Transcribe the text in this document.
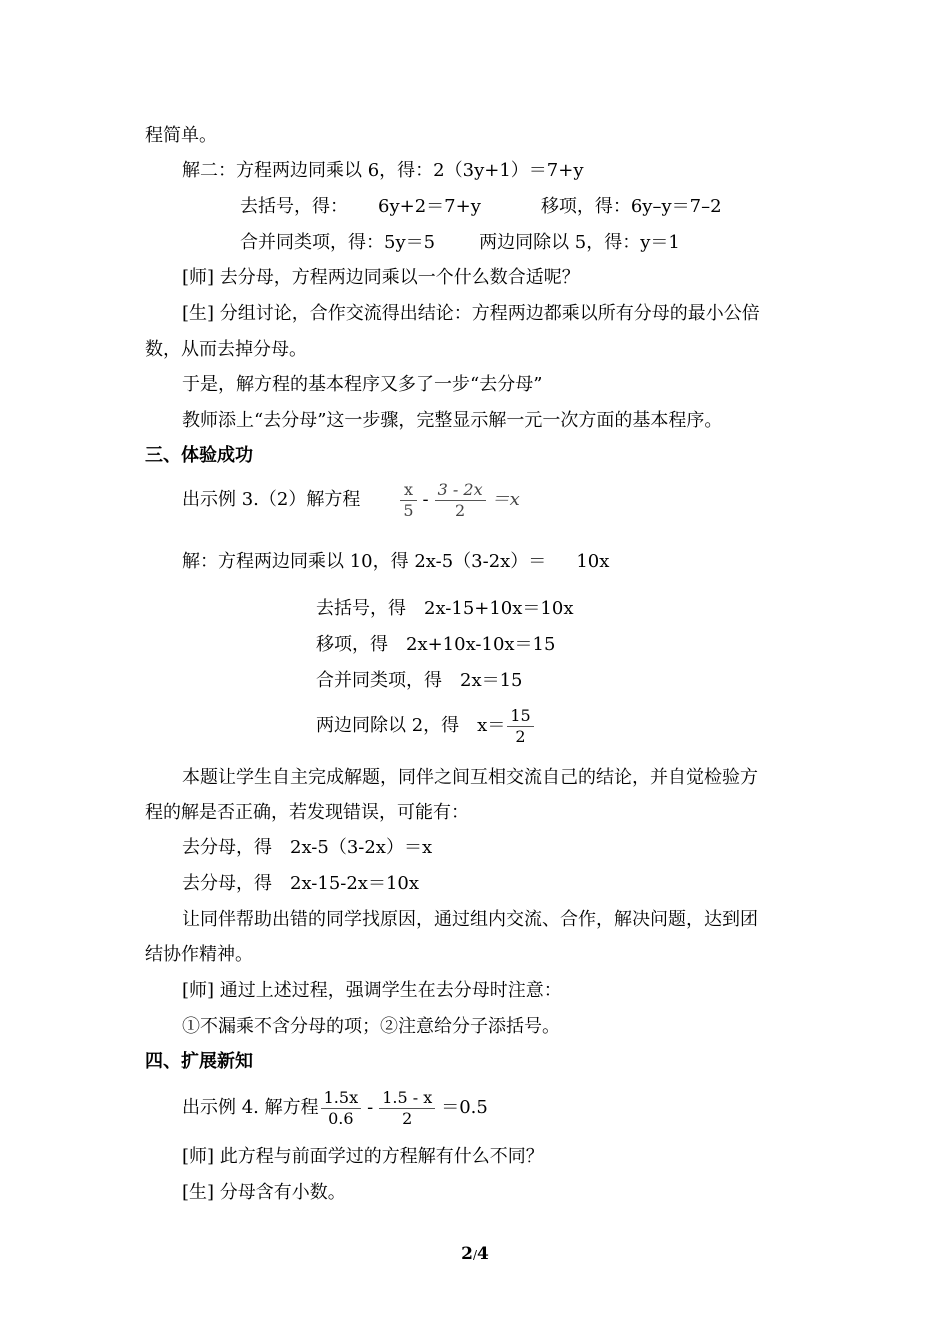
程简单。
解二：方程两边同乘以 6，得：2（3y+1）＝7+y
去括号，得： 6y+2＝7+y	移项，得：6y–y＝7–2
合并同类项，得：5y＝5 两边同除以 5，得：y＝1
[师] 去分母，方程两边同乘以一个什么数合适呢？
[生] 分组讨论，合作交流得出结论：方程两边都乘以所有分母的最小公倍
数，从而去掉分母。
于是，解方程的基本程序又多了一步“去分母”
教师添上“去分母”这一步骤，完整显示解一元一次方面的基本程序。
三、体验成功
出示例 3.（2）解方程	$\frac{x}{5} - \frac{3 - 2x}{2} =x$
解：方程两边同乘以 10，得 2x-5（3-2x）＝ 10x
去括号，得　2x-15+10x＝10x
移项，得　2x+10x-10x＝15
合并同类项，得　2x＝15
两边同除以 2，得　$x= \frac{15}{2}$
本题让学生自主完成解题，同伴之间互相交流自己的结论，并自觉检验方
程的解是否正确，若发现错误，可能有：
去分母，得　2x-5（3-2x）＝x
去分母，得　2x-15-2x＝10x
让同伴帮助出错的同学找原因，通过组内交流、合作，解决问题，达到团
结协作精神。
[师] 通过上述过程，强调学生在去分母时注意：
①不漏乘不含分母的项；②注意给分子添括号。
四、扩展新知
出示例 4. 解方程 $\frac{1.5x}{0.6} - \frac{1.5 - x}{2} =0.5$
[师] 此方程与前面学过的方程解有什么不同？
[生] 分母含有小数。
2/4
